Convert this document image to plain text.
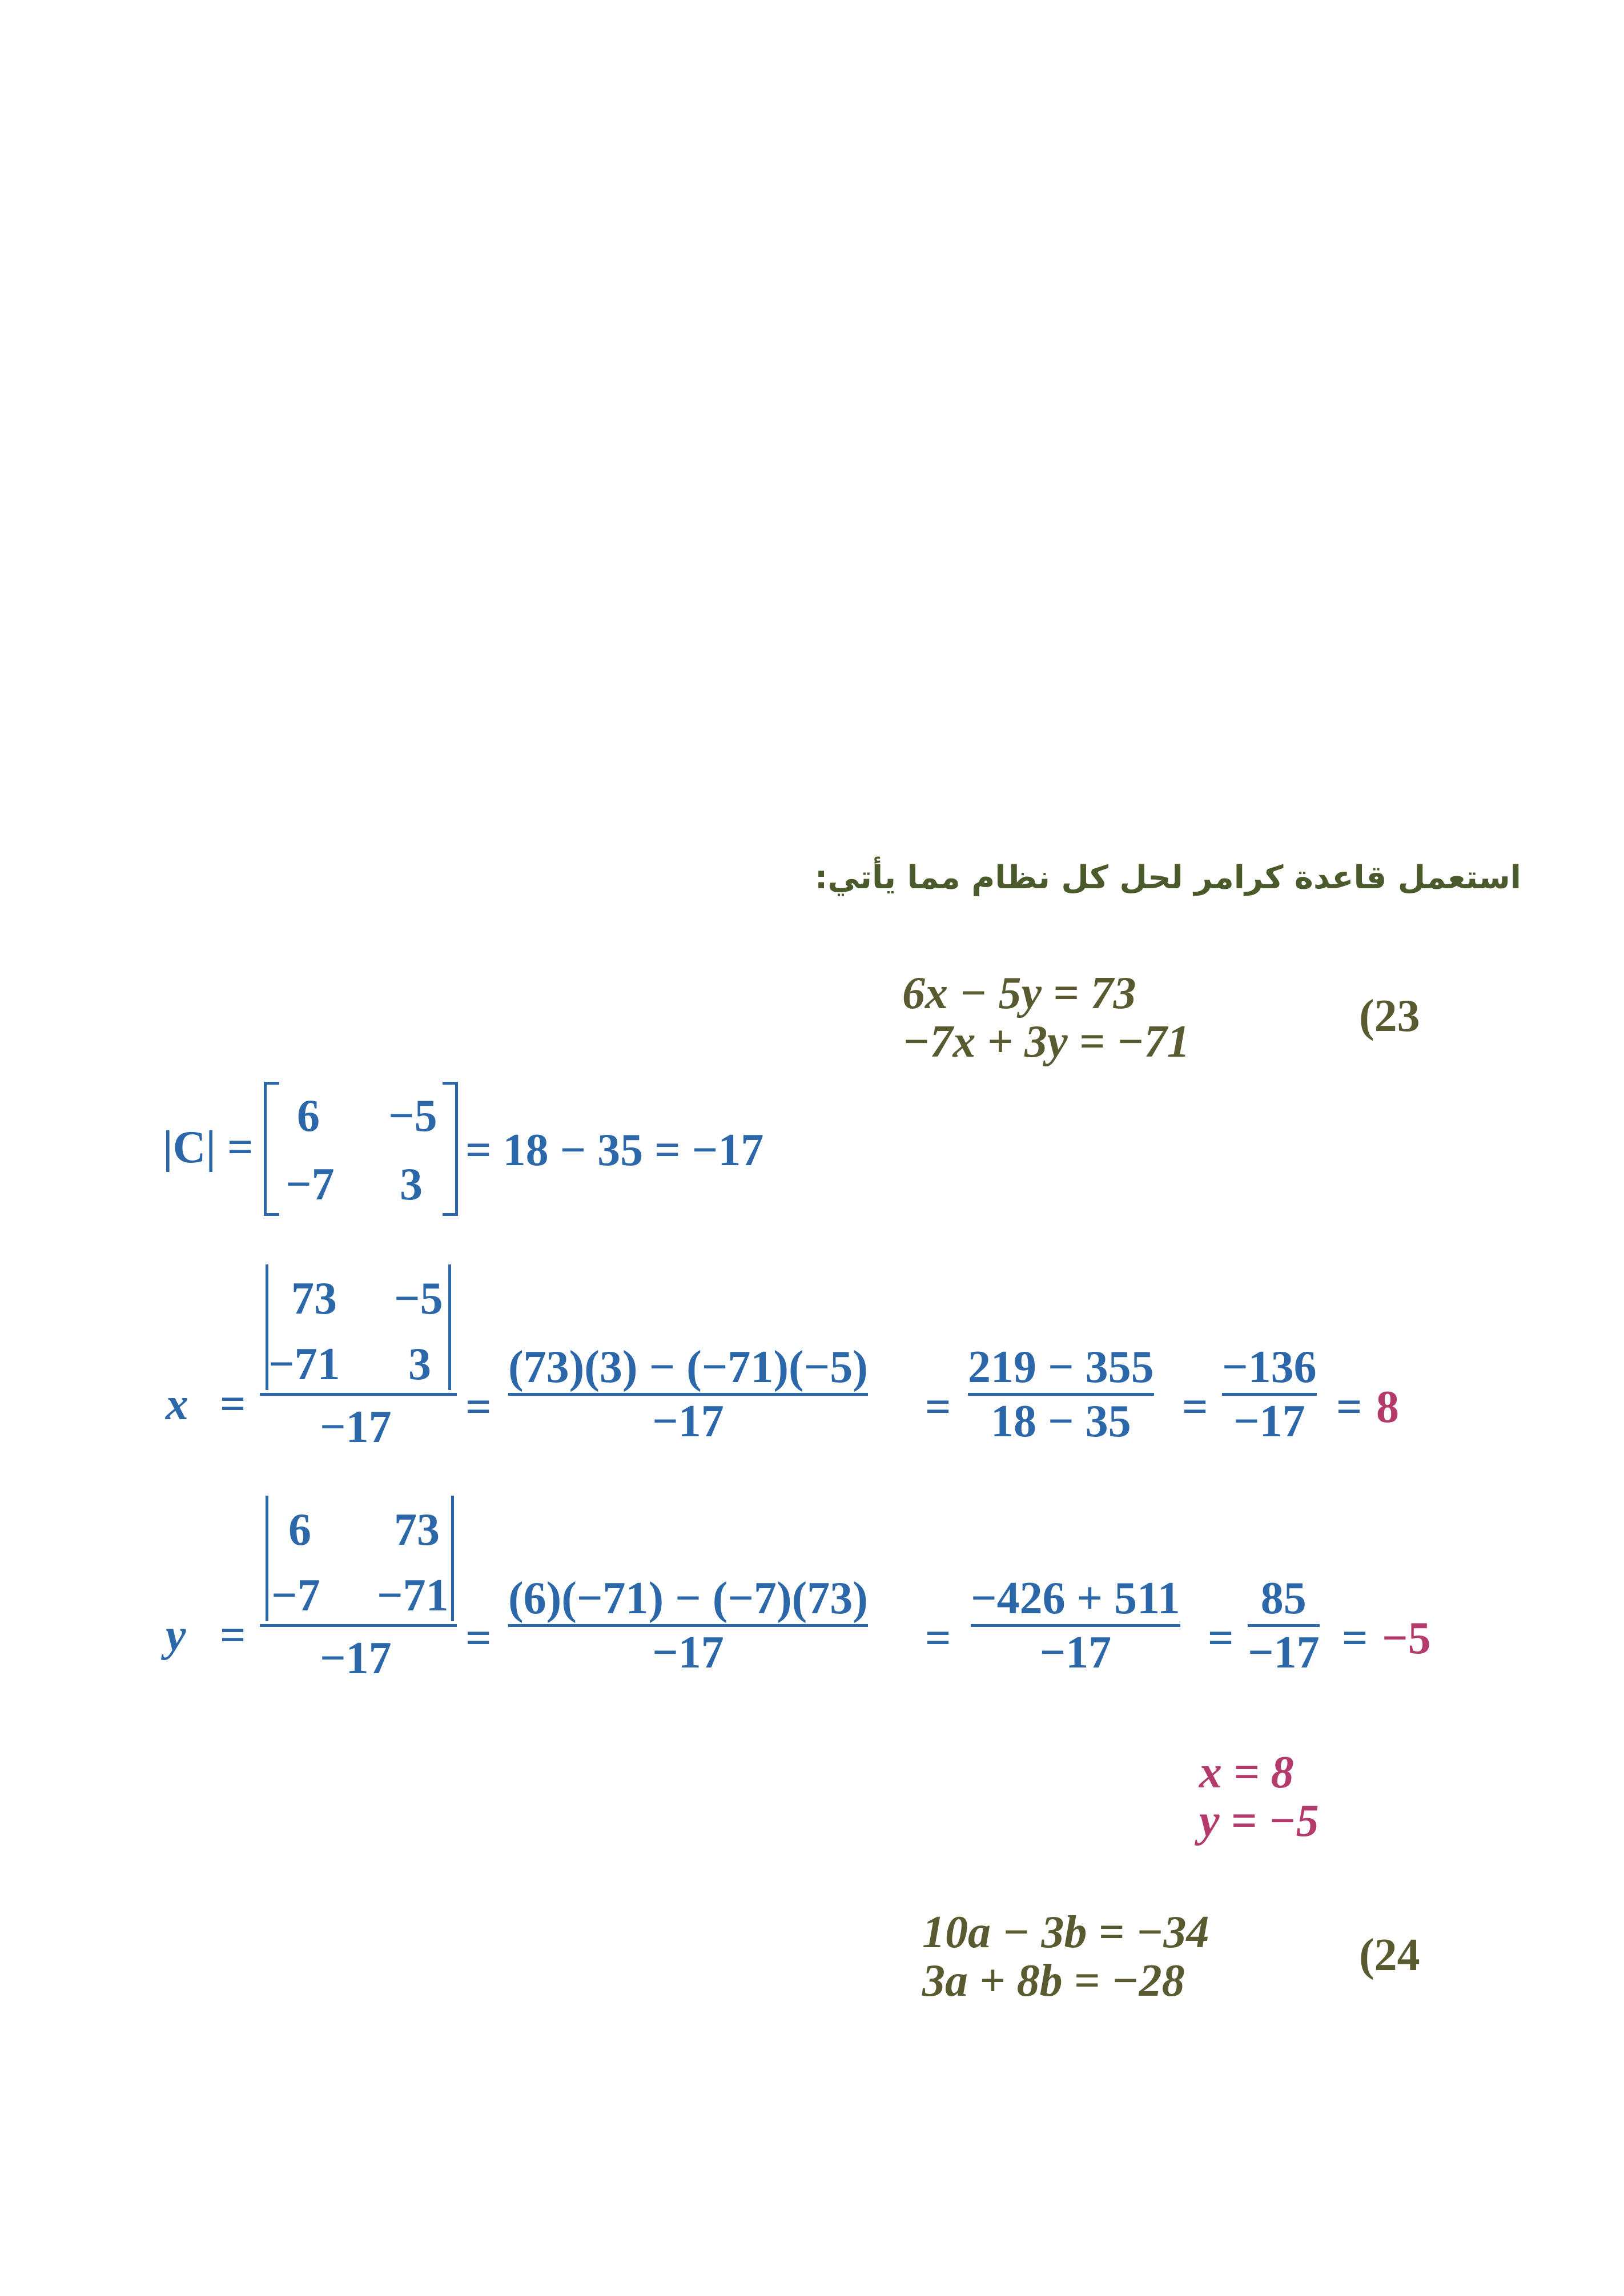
استعمل قاعدة كرامر لحل كل نظام مما يأتي:
6x − 5y = 73
−7x + 3y = −71
(23
|C| =
6 −5
−7 3
= 18 − 35 = −17
x =
73 −5
−71 3
−17 =
(73)(3) − (−71)(−5)
−17	=
219 − 355
18 − 35 =
−136
−17 = 8
y =
6 73
−7 −71
−17 =
(6)(−71) − (−7)(73)
−17	=
−426 + 511
−17 =
85
−17 = −5
x = 8
y = −5
10a − 3b = −34
3a + 8b = −28
(24
